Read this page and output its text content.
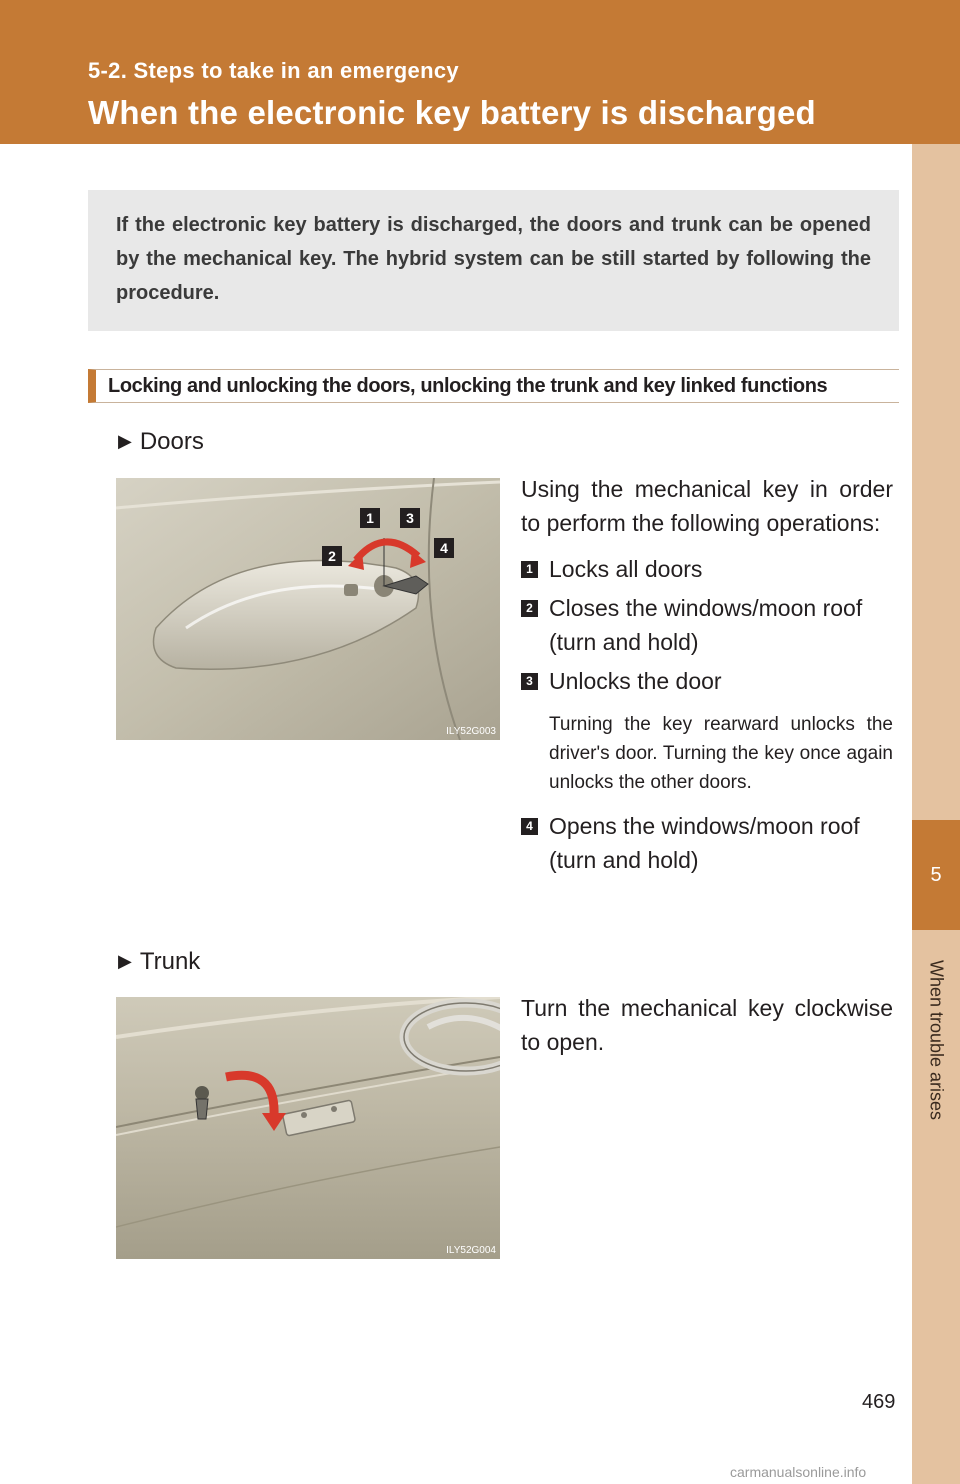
5-2. Steps to take in an emergency
When the electronic key battery is discharged
5
When trouble arises

If the electronic key battery is discharged, the doors and trunk can be opened by the mechanical key. The hybrid system can be still started by following the procedure.

Locking and unlocking the doors, unlocking the trunk and key linked functions
▶ Doors
1 3
2	4
ILY52G003

Using the mechanical key in order to perform the following operations:

1 Locks all doors
2 Closes the windows/moon roof (turn and hold)
3 Unlocks the door

Turning the key rearward unlocks the driver's door. Turning the key once again unlocks the other doors.

4 Opens the windows/moon roof (turn and hold)
▶ Trunk
ILY52G004

Turn the mechanical key clockwise to open.

469
carmanualsonline.info
